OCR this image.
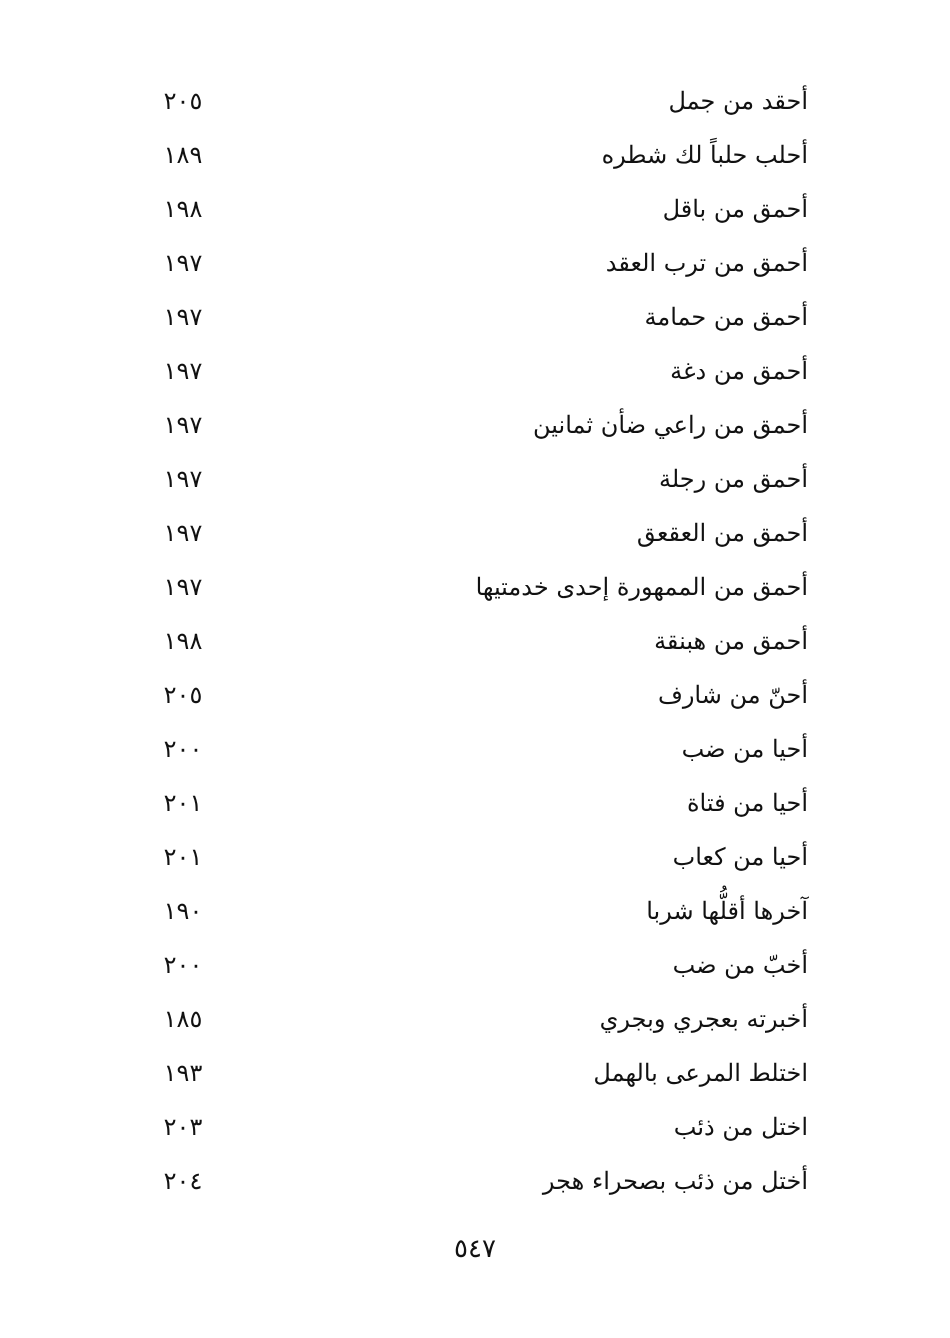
أحقد من جمل
٢٠٥
أحلب حلباً لك شطره
١٨٩
أحمق من باقل
١٩٨
أحمق من ترب العقد
١٩٧
أحمق من حمامة
١٩٧
أحمق من دغة
١٩٧
أحمق من راعي ضأن ثمانين
١٩٧
أحمق من رجلة
١٩٧
أحمق من العقعق
١٩٧
أحمق من الممهورة إحدى خدمتيها
١٩٧
أحمق من هبنقة
١٩٨
أحنّ من شارف
٢٠٥
أحيا من ضب
٢٠٠
أحيا من فتاة
٢٠١
أحيا من كعاب
٢٠١
آخرها أقلُّها شربا
١٩٠
أخبّ من ضب
٢٠٠
أخبرته بعجري وبجري
١٨٥
اختلط المرعى بالهمل
١٩٣
اختل من ذئب
٢٠٣
أختل من ذئب بصحراء هجر
٢٠٤
٥٤٧
